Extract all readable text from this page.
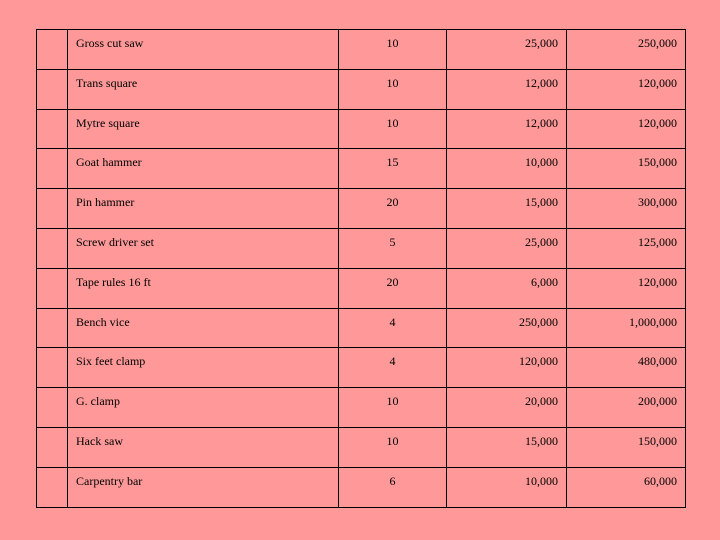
	Gross cut saw	10	25,000	250,000
	Trans square	10	12,000	120,000
	Mytre square	10	12,000	120,000
	Goat hammer	15	10,000	150,000
	Pin hammer	20	15,000	300,000
	Screw driver set	5	25,000	125,000
	Tape rules 16 ft	20	6,000	120,000
	Bench vice	4	250,000	1,000,000
	Six feet clamp	4	120,000	480,000
	G. clamp	10	20,000	200,000
	Hack saw	10	15,000	150,000
	Carpentry bar	6	10,000	60,000
